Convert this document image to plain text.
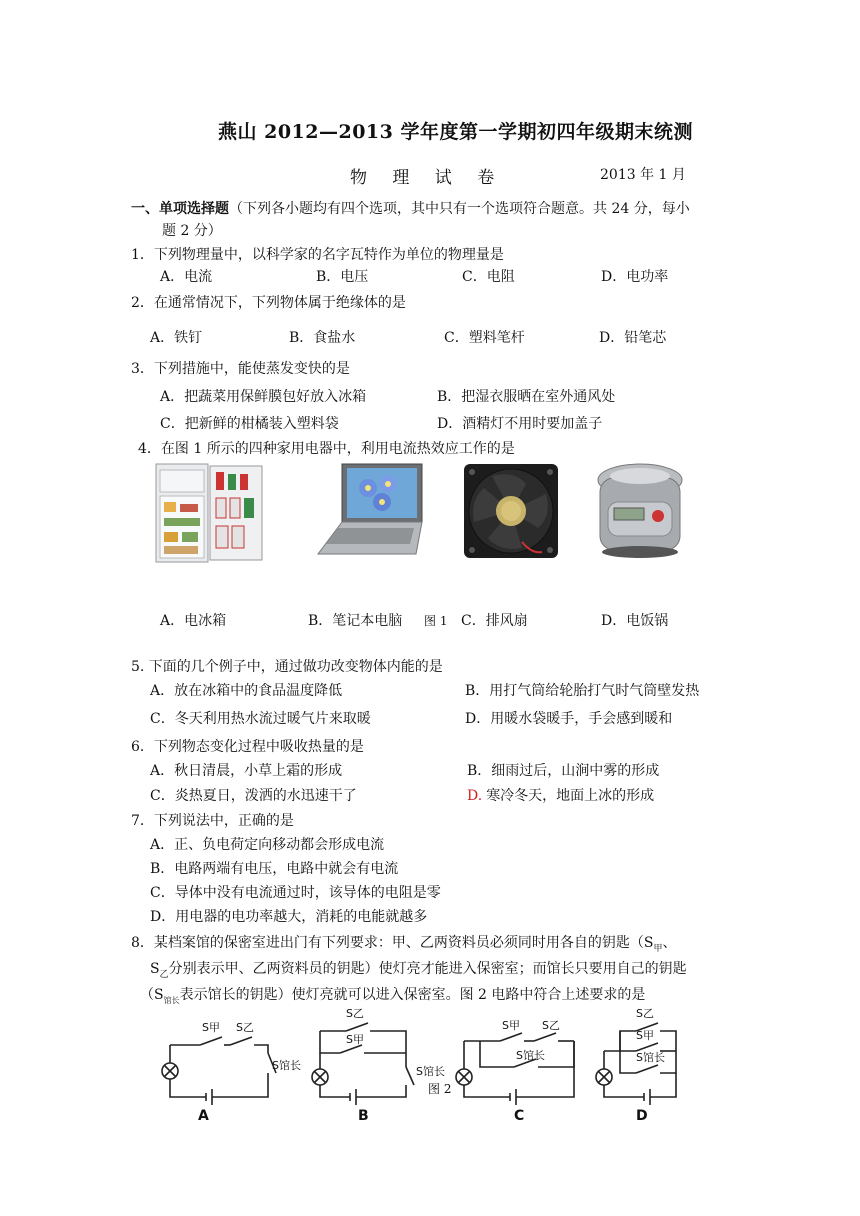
燕山 2012—2013 学年度第一学期初四年级期末统测
物 理 试 卷	2013 年 1 月
一、单项选择题（下列各小题均有四个选项，其中只有一个选项符合题意。共 24 分，每小
题 2 分）
1．下列物理量中，以科学家的名字瓦特作为单位的物理量是
A．电流	B．电压	C．电阻	D．电功率
2．在通常情况下，下列物体属于绝缘体的是
A．铁钉	B．食盐水	C．塑料笔杆	D．铅笔芯
3．下列措施中，能使蒸发变快的是
A．把蔬菜用保鲜膜包好放入冰箱	B．把湿衣服晒在室外通风处
C．把新鲜的柑橘装入塑料袋	D．酒精灯不用时要加盖子
4．在图 1 所示的四种家用电器中，利用电流热效应工作的是
A．电冰箱	B．笔记本电脑 图 1 C．排风扇	D．电饭锅
5. 下面的几个例子中，通过做功改变物体内能的是
A．放在冰箱中的食品温度降低	B．用打气筒给轮胎打气时气筒壁发热
C．冬天利用热水流过暖气片来取暖	D．用暖水袋暖手，手会感到暖和
6．下列物态变化过程中吸收热量的是
A．秋日清晨，小草上霜的形成	B．细雨过后，山涧中雾的形成
C．炎热夏日，泼洒的水迅速干了	D. 寒冷冬天，地面上冰的形成
7．下列说法中，正确的是
A．正、负电荷定向移动都会形成电流
B．电路两端有电压，电路中就会有电流
C．导体中没有电流通过时，该导体的电阻是零
D．用电器的电功率越大，消耗的电能就越多
8．某档案馆的保密室进出门有下列要求：甲、乙两资料员必须同时用各自的钥匙（$S_甲$、
$S_乙$分别表示甲、乙两资料员的钥匙）使灯亮才能进入保密室；而馆长只要用自己的钥匙
（$S_{馆长}$表示馆长的钥匙）使灯亮就可以进入保密室。图 2 电路中符合上述要求的是
S甲 S乙
S馆长
S乙
S甲
S馆长
S甲 S乙
S馆长
S乙
S甲
S馆长
图 2
A	B	C	D
